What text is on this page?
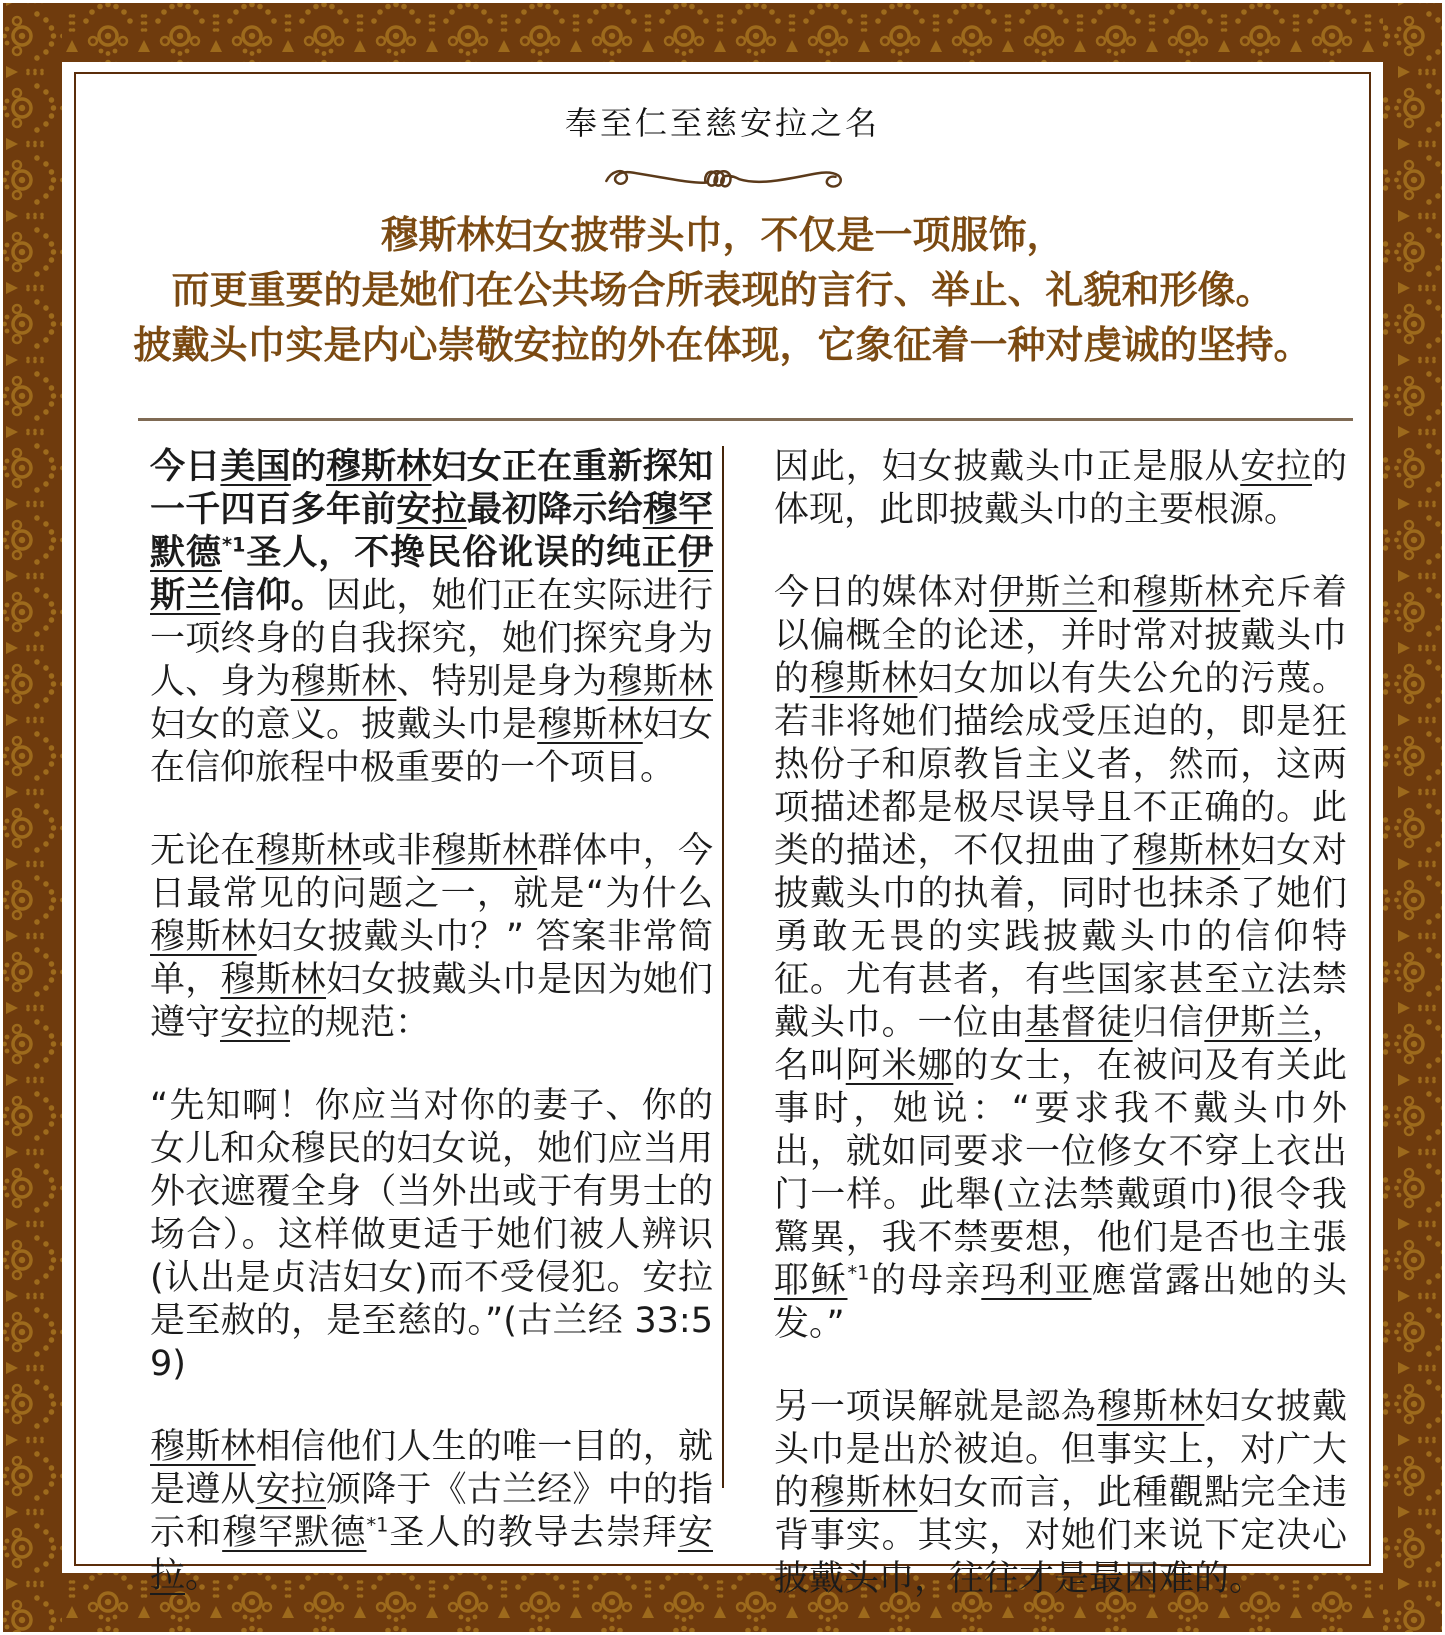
奉至仁至慈安拉之名
穆斯林妇女披带头巾，不仅是一项服饰，
而更重要的是她们在公共场合所表现的言行、举止、礼貌和形像。
披戴头巾实是内心崇敬安拉的外在体现，它象征着一种对虔诚的坚持。

今日美国的穆斯林妇女正在重新探知一千四百多年前安拉最初降示给穆罕默德$^{*1}$圣人，不搀民俗讹误的纯正伊斯兰信仰。因此，她们正在实际进行一项终身的自我探究，她们探究身为人、身为穆斯林、特别是身为穆斯林妇女的意义。披戴头巾是穆斯林妇女在信仰旅程中极重要的一个项目。

无论在穆斯林或非穆斯林群体中，今日最常见的问题之一，就是“为什么穆斯林妇女披戴头巾？” 答案非常简单，穆斯林妇女披戴头巾是因为她们遵守安拉的规范：

“先知啊！你应当对你的妻子、你的女儿和众穆民的妇女说，她们应当用外衣遮覆全身（当外出或于有男士的场合）。这样做更适于她们被人辨识(认出是贞洁妇女)而不受侵犯。安拉是至赦的，是至慈的。”(古兰经 33:59)

穆斯林相信他们人生的唯一目的，就是遵从安拉颁降于《古兰经》中的指示和穆罕默德$^{*1}$圣人的教导去崇拜安拉。

因此，妇女披戴头巾正是服从安拉的体现，此即披戴头巾的主要根源。

今日的媒体对伊斯兰和穆斯林充斥着以偏概全的论述，并时常对披戴头巾的穆斯林妇女加以有失公允的污蔑。若非将她们描绘成受压迫的，即是狂热份子和原教旨主义者，然而，这两项描述都是极尽误导且不正确的。此类的描述，不仅扭曲了穆斯林妇女对披戴头巾的执着，同时也抹杀了她们勇敢无畏的实践披戴头巾的信仰特征。尤有甚者，有些国家甚至立法禁戴头巾。一位由基督徒归信伊斯兰，名叫阿米娜的女士，在被问及有关此事时，她说：“要求我不戴头巾外出，就如同要求一位修女不穿上衣出门一样。此舉(立法禁戴頭巾)很令我驚異，我不禁要想，他们是否也主張耶稣$^{*1}$的母亲玛利亚應當露出她的头发。”

另一项误解就是認為穆斯林妇女披戴头巾是出於被迫。但事实上，对广大的穆斯林妇女而言，此種觀點完全违背事实。其实，对她们来说下定决心披戴头巾，往往才是最困难的。
